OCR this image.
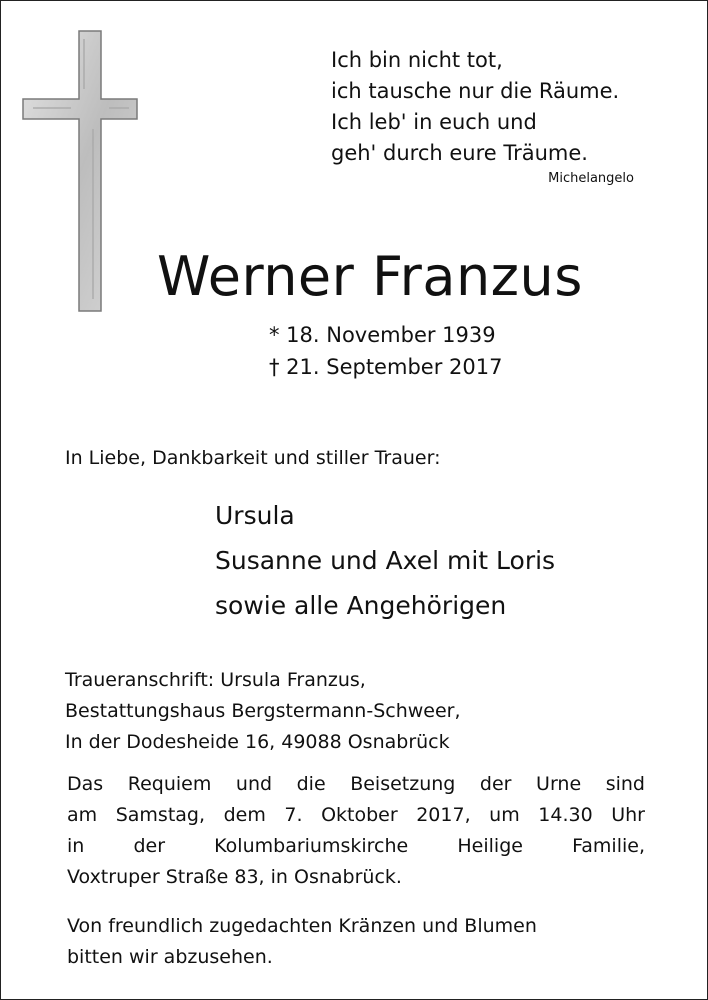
Ich bin nicht tot,
ich tausche nur die Räume.
Ich leb' in euch und
geh' durch eure Träume.
Michelangelo
Werner Franzus
* 18. November 1939
† 21. September 2017
In Liebe, Dankbarkeit und stiller Trauer:
Ursula
Susanne und Axel mit Loris
sowie alle Angehörigen
Traueranschrift: Ursula Franzus,
Bestattungshaus Bergstermann-Schweer,
In der Dodesheide 16, 49088 Osnabrück
Das Requiem und die Beisetzung der Urne sind
am Samstag, dem 7. Oktober 2017, um 14.30 Uhr
in der Kolumbariumskirche Heilige Familie,
Voxtruper Straße 83, in Osnabrück.
Von freundlich zugedachten Kränzen und Blumen
bitten wir abzusehen.
